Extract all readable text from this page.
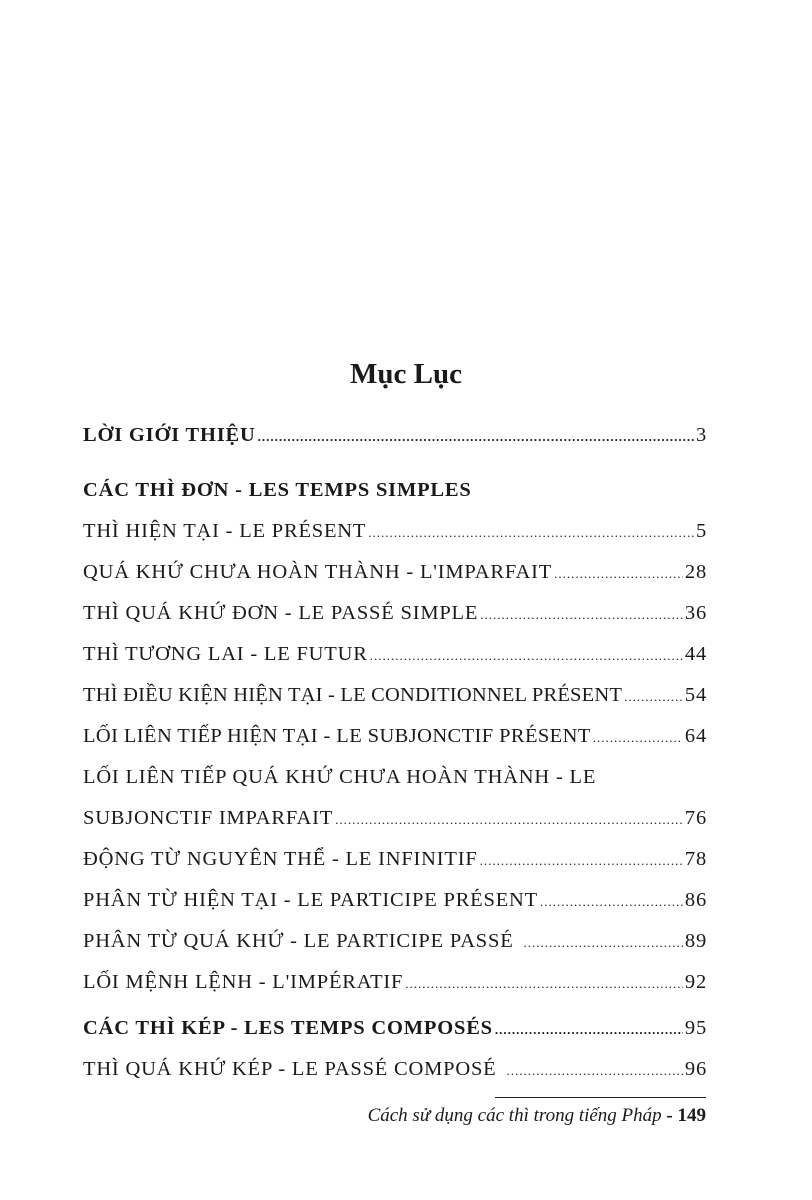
Mục Lục
LỜI GIỚI THIỆU .....	3
CÁC THÌ ĐƠN - LES TEMPS SIMPLES
THÌ HIỆN TẠI - LE PRÉSENT .....	5
QUÁ KHỨ CHƯA HOÀN THÀNH - L'IMPARFAIT .....	28
THÌ QUÁ KHỨ ĐƠN - LE PASSÉ SIMPLE .....	36
THÌ TƯƠNG LAI - LE FUTUR .....	44
THÌ ĐIỀU KIỆN HIỆN TẠI - LE CONDITIONNEL PRÉSENT .....	54
LỐI LIÊN TIẾP HIỆN TẠI - LE SUBJONCTIF PRÉSENT .....	64
LỐI LIÊN TIẾP QUÁ KHỨ CHƯA HOÀN THÀNH - LE
SUBJONCTIF IMPARFAIT .....	76
ĐỘNG TỪ NGUYÊN THỂ - LE INFINITIF .....	78
PHÂN TỪ HIỆN TẠI - LE PARTICIPE PRÉSENT .....	86
PHÂN TỪ QUÁ KHỨ - LE PARTICIPE PASSÉ .....	89
LỐI MỆNH LỆNH - L'IMPÉRATIF .....	92
CÁC THÌ KÉP - LES TEMPS COMPOSÉS .....	95
THÌ QUÁ KHỨ KÉP - LE PASSÉ COMPOSÉ .....	96
Cách sử dụng các thì trong tiếng Pháp - 149
